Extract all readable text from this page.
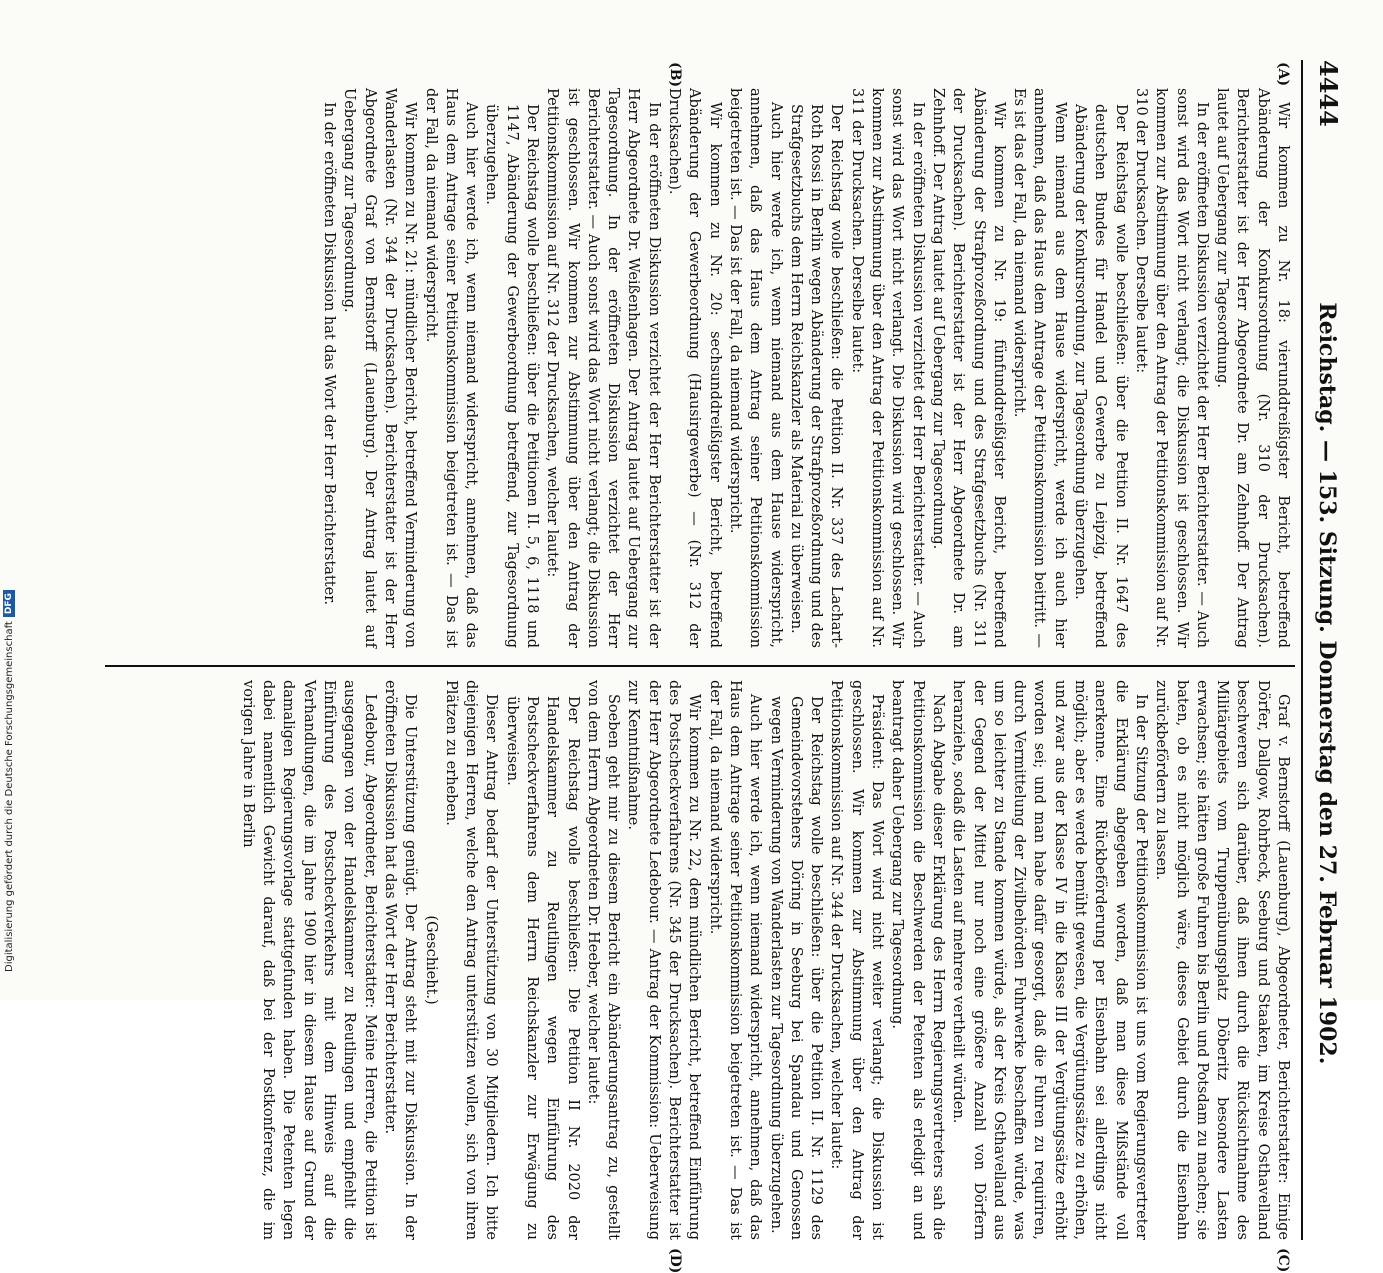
4444
Reichstag. — 153. Sitzung. Donnerstag den 27. Februar 1902.
(A)
(B)
(C)
(D)

Wir kommen zu Nr. 18: vierunddreißigster Bericht, betreffend Abänderung der Konkursordnung (Nr. 310 der Drucksachen). Berichterstatter ist der Herr Abgeordnete Dr. am Zehnhoff. Der Antrag lautet auf Uebergang zur Tagesordnung.

In der eröffneten Diskussion verzichtet der Herr Berichterstatter. — Auch sonst wird das Wort nicht verlangt; die Diskussion ist geschlossen. Wir kommen zur Abstimmung über den Antrag der Petitionskommission auf Nr. 310 der Drucksachen. Derselbe lautet:

Der Reichstag wolle beschließen: über die Petition II. Nr. 1647 des deutschen Bundes für Handel und Gewerbe zu Leipzig, betreffend Abänderung der Konkursordnung, zur Tagesordnung überzugehen.

Wenn niemand aus dem Hause widerspricht, werde ich auch hier annehmen, daß das Haus dem Antrage der Petitionskommission beitritt. — Es ist das der Fall, da niemand widerspricht.

Wir kommen zu Nr. 19: fünfunddreißigster Bericht, betreffend Abänderung der Strafprozeßordnung und des Strafgesetzbuchs (Nr. 311 der Drucksachen). Berichterstatter ist der Herr Abgeordnete Dr. am Zehnhoff. Der Antrag lautet auf Uebergang zur Tagesordnung.

In der eröffneten Diskussion verzichtet der Herr Berichterstatter. — Auch sonst wird das Wort nicht verlangt. Die Diskussion wird geschlossen. Wir kommen zur Abstimmung über den Antrag der Petitionskommission auf Nr. 311 der Drucksachen. Derselbe lautet:

Der Reichstag wolle beschließen: die Petition II. Nr. 337 des Lachart-Roth Rossi in Berlin wegen Abänderung der Strafprozeßordnung und des Strafgesetzbuchs dem Herrn Reichskanzler als Material zu überweisen.

Auch hier werde ich, wenn niemand aus dem Hause widerspricht, annehmen, daß das Haus dem Antrag seiner Petitionskommission beigetreten ist. — Das ist der Fall, da niemand widerspricht.

Wir kommen zu Nr. 20: sechsunddreißigster Bericht, betreffend Abänderung der Gewerbeordnung (Hausirgewerbe) — (Nr. 312 der Drucksachen).

In der eröffneten Diskussion verzichtet der Herr Berichterstatter ist der Herr Abgeordnete Dr. Weißenhagen. Der Antrag lautet auf Uebergang zur Tagesordnung. In der eröffneten Diskussion verzichtet der Herr Berichterstatter. — Auch sonst wird das Wort nicht verlangt; die Diskussion ist geschlossen. Wir kommen zur Abstimmung über den Antrag der Petitionskommission auf Nr. 312 der Drucksachen, welcher lautet:

Der Reichstag wolle beschließen: über die Petitionen II. 5, 6, 1118 und 1147, Abänderung der Gewerbeordnung betreffend, zur Tagesordnung überzugehen.

Auch hier werde ich, wenn niemand widerspricht, annehmen, daß das Haus dem Antrage seiner Petitionskommission beigetreten ist. — Das ist der Fall, da niemand widerspricht.

Wir kommen zu Nr. 21: mündlicher Bericht, betreffend Verminderung von Wanderlasten (Nr. 344 der Drucksachen). Berichterstatter ist der Herr Abgeordnete Graf von Bernstorff (Lauenburg). Der Antrag lautet auf Uebergang zur Tagesordnung.

In der eröffneten Diskussion hat das Wort der Herr Berichterstatter.

Graf v. Bernstorff (Lauenburg), Abgeordneter, Berichterstatter: Einige Dörfer, Dallgow, Rohrbeck, Seeburg und Staaken, im Kreise Osthavelland beschweren sich darüber, daß ihnen durch die Rücksichtnahme des Militärgebiets vom Truppenübungsplatz Döberitz besondere Lasten erwachsen; sie hätten große Fuhren bis Berlin und Potsdam zu machen; sie baten, ob es nicht möglich wäre, dieses Gebiet durch die Eisenbahn zurückbefördern zu lassen.

In der Sitzung der Petitionskommission ist uns vom Regierungsvertreter die Erklärung abgegeben worden, daß man diese Mißstände voll anerkenne. Eine Rückbeförderung per Eisenbahn sei allerdings nicht möglich; aber es werde bemüht gewesen, die Vergütungssätze zu erhöhen, und zwar aus der Klasse IV in die Klasse III der Vergütungssätze erhöht worden sei; und man habe dafür gesorgt, daß die Fuhren zu requiriren, durch Vermittelung der Zivilbehörden Fuhrwerke beschaffen würde, was um so leichter zu Stande kommen würde, als der Kreis Osthavelland aus der Gegend der Mittel nur noch eine größere Anzahl von Dörfern heranziehe, sodaß die Lasten auf mehrere vertheilt würden.

Nach Abgabe dieser Erklärung des Herrn Regierungsvertreters sah die Petitionskommission die Beschwerden der Petenten als erledigt an und beantragt daher Uebergang zur Tagesordnung.

Präsident: Das Wort wird nicht weiter verlangt; die Diskussion ist geschlossen. Wir kommen zur Abstimmung über den Antrag der Petitionskommission auf Nr. 344 der Drucksachen, welcher lautet:

Der Reichstag wolle beschließen: über die Petition II. Nr. 1129 des Gemeindevorstehers Döring in Seeburg bei Spandau und Genossen wegen Verminderung von Wanderlasten zur Tagesordnung überzugehen.

Auch hier werde ich, wenn niemand widerspricht, annehmen, daß das Haus dem Antrage seiner Petitionskommission beigetreten ist. — Das ist der Fall, da niemand widerspricht.

Wir kommen zu Nr. 22, dem mündlichen Bericht, betreffend Einführung des Postscheckverfahrens (Nr. 345 der Drucksachen). Berichterstatter ist der Herr Abgeordnete Ledebour. — Antrag der Kommission: Ueberweisung zur Kenntnißnahme.

Soeben geht mir zu diesem Bericht ein Abänderungsantrag zu, gestellt von dem Herrn Abgeordneten Dr. Heeber, welcher lautet:

Der Reichstag wolle beschließen: Die Petition II Nr. 2020 der Handelskammer zu Reutlingen wegen Einführung des Postscheckverfahrens dem Herrn Reichskanzler zur Erwägung zu überweisen.

Dieser Antrag bedarf der Unterstützung von 30 Mitgliedern. Ich bitte diejenigen Herren, welche den Antrag unterstützen wollen, sich von ihren Plätzen zu erheben.

(Geschieht.)

Die Unterstützung genügt. Der Antrag steht mit zur Diskussion. In der eröffneten Diskussion hat das Wort der Herr Berichterstatter.

Ledebour, Abgeordneter, Berichterstatter: Meine Herren, die Petition ist ausgegangen von der Handelskammer zu Reutlingen und empfiehlt die Einführung des Postscheckverkehrs mit dem Hinweis auf die Verhandlungen, die im Jahre 1900 hier in diesem Hause auf Grund der damaligen Regierungsvorlage stattgefunden haben. Die Petenten legen dabei namentlich Gewicht darauf, daß bei der Postkonferenz, die im vorigen Jahre in Berlin

Digitalisierung gefördert durch die Deutsche Forschungsgemeinschaft
DFG
